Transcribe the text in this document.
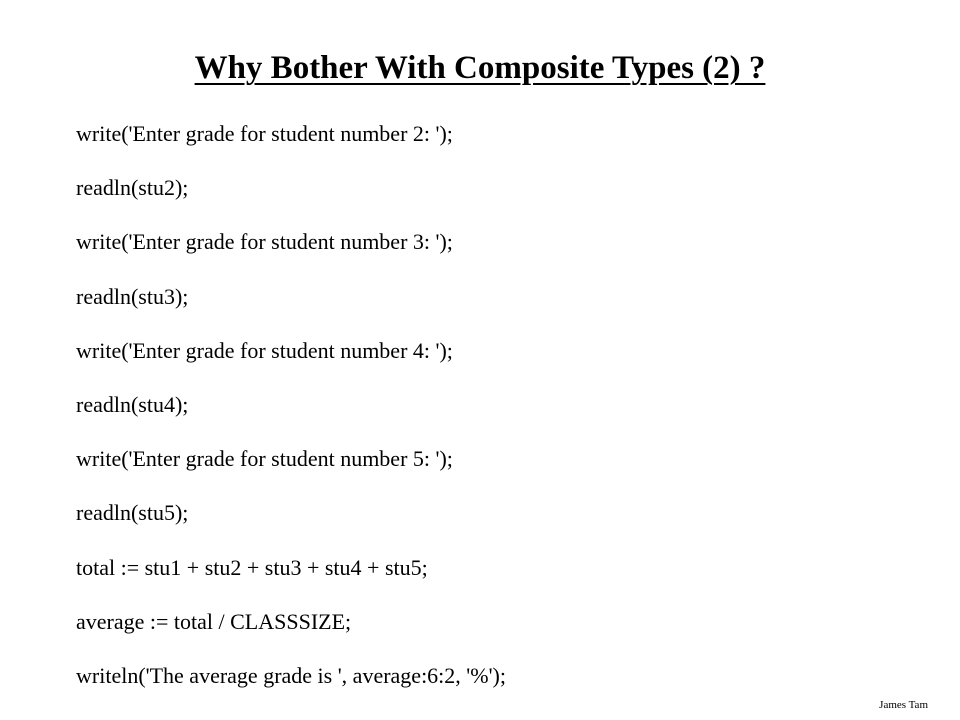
Why Bother With Composite Types (2) ?
write('Enter grade for student number 2: ');
readln(stu2);
write('Enter grade for student number 3: ');
readln(stu3);
write('Enter grade for student number 4: ');
readln(stu4);
write('Enter grade for student number 5: ');
readln(stu5);
total := stu1 + stu2 + stu3 + stu4 + stu5;
average := total / CLASSSIZE;
writeln('The average grade is ', average:6:2, '%');
James Tam
